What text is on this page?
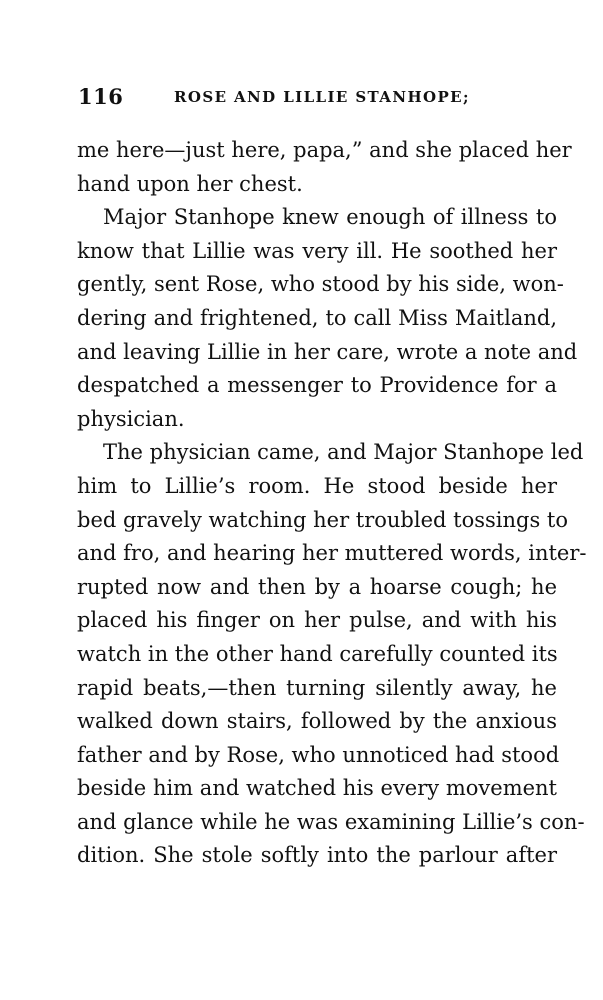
116	ROSE AND LILLIE STANHOPE;
me here—just here, papa,” and she placed her
hand upon her chest.
Major Stanhope knew enough of illness to
know that Lillie was very ill. He soothed her
gently, sent Rose, who stood by his side, won-
dering and frightened, to call Miss Maitland,
and leaving Lillie in her care, wrote a note and
despatched a messenger to Providence for a
physician.
The physician came, and Major Stanhope led
him to Lillie’s room. He stood beside her
bed gravely watching her troubled tossings to
and fro, and hearing her muttered words, inter-
rupted now and then by a hoarse cough; he
placed his finger on her pulse, and with his
watch in the other hand carefully counted its
rapid beats,—then turning silently away, he
walked down stairs, followed by the anxious
father and by Rose, who unnoticed had stood
beside him and watched his every movement
and glance while he was examining Lillie’s con-
dition. She stole softly into the parlour after
